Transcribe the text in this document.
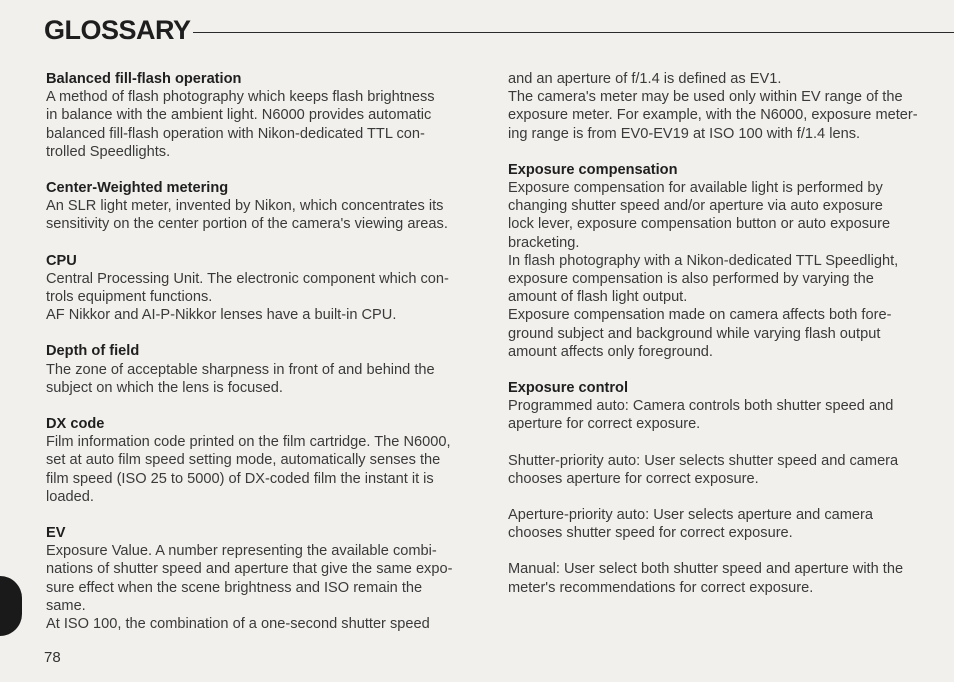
GLOSSARY
Balanced fill-flash operation
A method of flash photography which keeps flash brightness
in balance with the ambient light. N6000 provides automatic
balanced fill-flash operation with Nikon-dedicated TTL con-
trolled Speedlights.
Center-Weighted metering
An SLR light meter, invented by Nikon, which concentrates its
sensitivity on the center portion of the camera's viewing areas.
CPU
Central Processing Unit. The electronic component which con-
trols equipment functions.
AF Nikkor and AI-P-Nikkor lenses have a built-in CPU.
Depth of field
The zone of acceptable sharpness in front of and behind the
subject on which the lens is focused.
DX code
Film information code printed on the film cartridge. The N6000,
set at auto film speed setting mode, automatically senses the
film speed (ISO 25 to 5000) of DX-coded film the instant it is
loaded.
EV
Exposure Value. A number representing the available combi-
nations of shutter speed and aperture that give the same expo-
sure effect when the scene brightness and ISO remain the
same.
At ISO 100, the combination of a one-second shutter speed
and an aperture of f/1.4 is defined as EV1.
The camera's meter may be used only within EV range of the
exposure meter. For example, with the N6000, exposure meter-
ing range is from EV0-EV19 at ISO 100 with f/1.4 lens.
Exposure compensation
Exposure compensation for available light is performed by
changing shutter speed and/or aperture via auto exposure
lock lever, exposure compensation button or auto exposure
bracketing.
In flash photography with a Nikon-dedicated TTL Speedlight,
exposure compensation is also performed by varying the
amount of flash light output.
Exposure compensation made on camera affects both fore-
ground subject and background while varying flash output
amount affects only foreground.
Exposure control
Programmed auto: Camera controls both shutter speed and
aperture for correct exposure.
Shutter-priority auto: User selects shutter speed and camera
chooses aperture for correct exposure.
Aperture-priority auto: User selects aperture and camera
chooses shutter speed for correct exposure.
Manual: User select both shutter speed and aperture with the
meter's recommendations for correct exposure.
78
